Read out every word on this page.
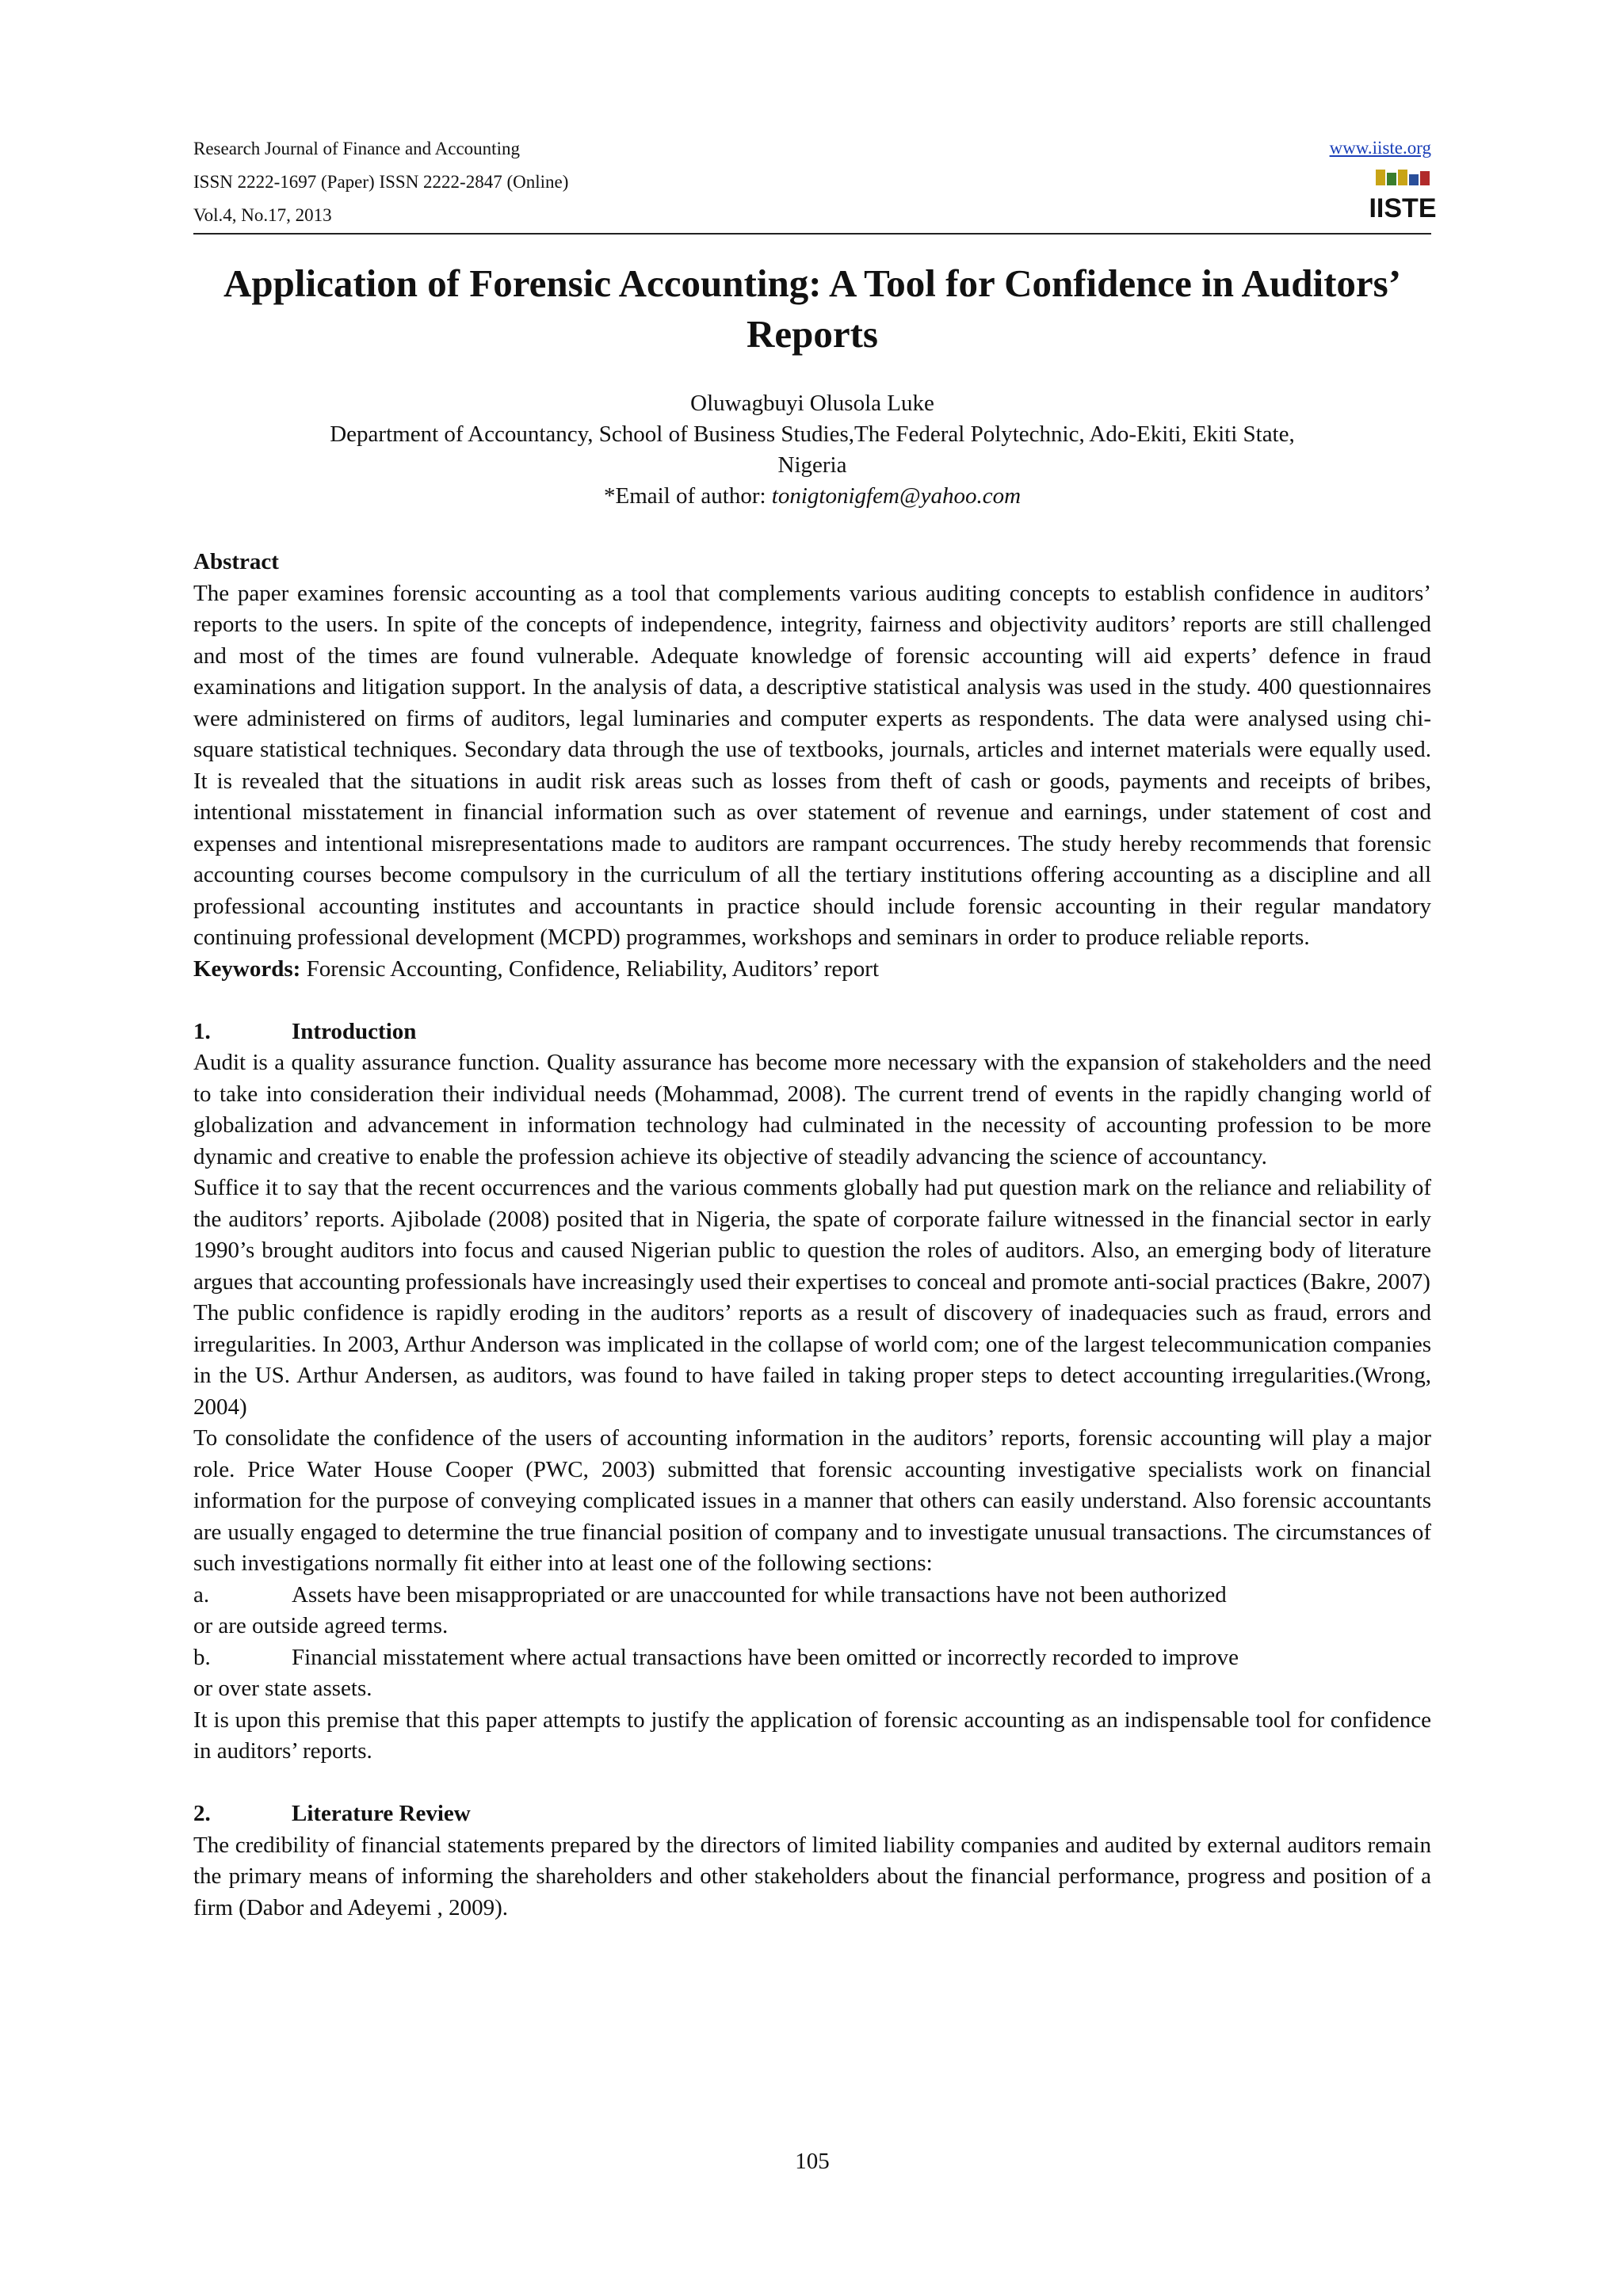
Research Journal of Finance and Accounting
ISSN 2222-1697 (Paper) ISSN 2222-2847 (Online)
Vol.4, No.17, 2013
www.iiste.org
IISTE
Application of Forensic Accounting: A Tool for Confidence in Auditors’ Reports
Oluwagbuyi Olusola Luke
Department of Accountancy, School of Business Studies,The Federal Polytechnic, Ado-Ekiti, Ekiti State,
Nigeria
*Email of author: tonigtonigfem@yahoo.com
Abstract

The paper examines forensic accounting as a tool that complements various auditing concepts to establish confidence in auditors’ reports to the users. In spite of the concepts of independence, integrity, fairness and objectivity auditors’ reports are still challenged and most of the times are found vulnerable. Adequate knowledge of forensic accounting will aid experts’ defence in fraud examinations and litigation support. In the analysis of data, a descriptive statistical analysis was used in the study. 400 questionnaires were administered on firms of auditors, legal luminaries and computer experts as respondents. The data were analysed using chi-square statistical techniques. Secondary data through the use of textbooks, journals, articles and internet materials were equally used. It is revealed that the situations in audit risk areas such as losses from theft of cash or goods, payments and receipts of bribes, intentional misstatement in financial information such as over statement of revenue and earnings, under statement of cost and expenses and intentional misrepresentations made to auditors are rampant occurrences. The study hereby recommends that forensic accounting courses become compulsory in the curriculum of all the tertiary institutions offering accounting as a discipline and all professional accounting institutes and accountants in practice should include forensic accounting in their regular mandatory continuing professional development (MCPD) programmes, workshops and seminars in order to produce reliable reports.

Keywords: Forensic Accounting, Confidence, Reliability, Auditors’ report

1.	Introduction

Audit is a quality assurance function. Quality assurance has become more necessary with the expansion of stakeholders and the need to take into consideration their individual needs (Mohammad, 2008). The current trend of events in the rapidly changing world of globalization and advancement in information technology had culminated in the necessity of accounting profession to be more dynamic and creative to enable the profession achieve its objective of steadily advancing the science of accountancy.

Suffice it to say that the recent occurrences and the various comments globally had put question mark on the reliance and reliability of the auditors’ reports. Ajibolade (2008) posited that in Nigeria, the spate of corporate failure witnessed in the financial sector in early 1990’s brought auditors into focus and caused Nigerian public to question the roles of auditors. Also, an emerging body of literature argues that accounting professionals have increasingly used their expertises to conceal and promote anti-social practices (Bakre, 2007)

The public confidence is rapidly eroding in the auditors’ reports as a result of discovery of inadequacies such as fraud, errors and irregularities. In 2003, Arthur Anderson was implicated in the collapse of world com; one of the largest telecommunication companies in the US. Arthur Andersen, as auditors, was found to have failed in taking proper steps to detect accounting irregularities.(Wrong, 2004)

To consolidate the confidence of the users of accounting information in the auditors’ reports, forensic accounting will play a major role. Price Water House Cooper (PWC, 2003) submitted that forensic accounting investigative specialists work on financial information for the purpose of conveying complicated issues in a manner that others can easily understand. Also forensic accountants are usually engaged to determine the true financial position of company and to investigate unusual transactions. The circumstances of such investigations normally fit either into at least one of the following sections:

a.	Assets have been misappropriated or are unaccounted for while transactions have not been authorized
or are outside agreed terms.
b.	Financial misstatement where actual transactions have been omitted or incorrectly recorded to improve
or over state assets.

It is upon this premise that this paper attempts to justify the application of forensic accounting as an indispensable tool for confidence in auditors’ reports.

2.	Literature Review

The credibility of financial statements prepared by the directors of limited liability companies and audited by external auditors remain the primary means of informing the shareholders and other stakeholders about the financial performance, progress and position of a firm (Dabor and Adeyemi , 2009).

105
